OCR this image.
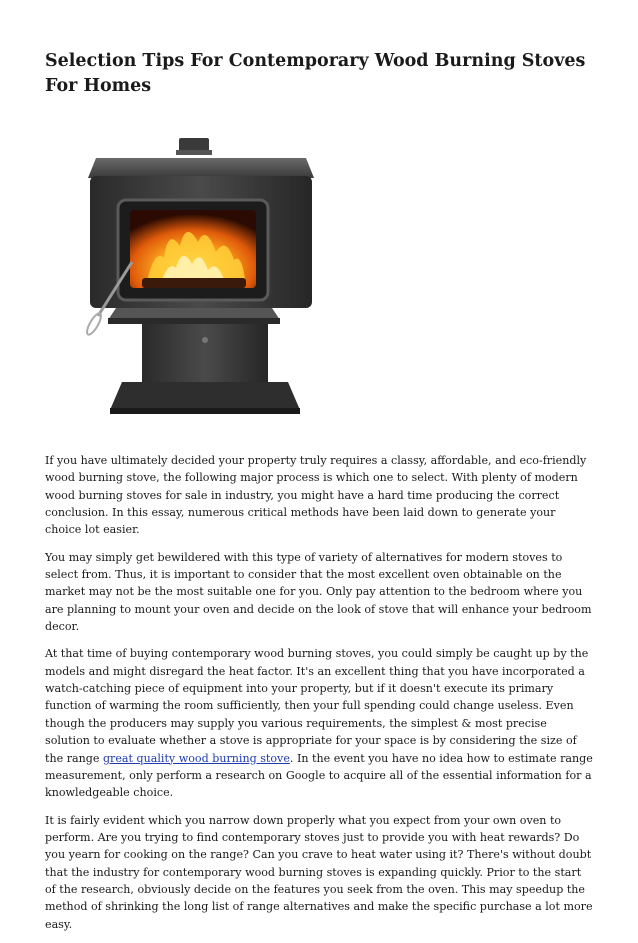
Selection Tips For Contemporary Wood Burning Stoves For Homes

If you have ultimately decided your property truly requires a classy, affordable, and eco-friendly wood burning stove, the following major process is which one to select. With plenty of modern wood burning stoves for sale in industry, you might have a hard time producing the correct conclusion. In this essay, numerous critical methods have been laid down to generate your choice lot easier.

You may simply get bewildered with this type of variety of alternatives for modern stoves to select from. Thus, it is important to consider that the most excellent oven obtainable on the market may not be the most suitable one for you. Only pay attention to the bedroom where you are planning to mount your oven and decide on the look of stove that will enhance your bedroom decor.

At that time of buying contemporary wood burning stoves, you could simply be caught up by the models and might disregard the heat factor. It's an excellent thing that you have incorporated a watch-catching piece of equipment into your property, but if it doesn't execute its primary function of warming the room sufficiently, then your full spending could change useless. Even though the producers may supply you various requirements, the simplest & most precise solution to evaluate whether a stove is appropriate for your space is by considering the size of the range great quality wood burning stove. In the event you have no idea how to estimate range measurement, only perform a research on Google to acquire all of the essential information for a knowledgeable choice.

It is fairly evident which you narrow down properly what you expect from your own oven to perform. Are you trying to find contemporary stoves just to provide you with heat rewards? Do you yearn for cooking on the range? Can you crave to heat water using it? There's without doubt that the industry for contemporary wood burning stoves is expanding quickly. Prior to the start of the research, obviously decide on the features you seek from the oven. This may speedup the method of shrinking the long list of range alternatives and make the specific purchase a lot more easy.
